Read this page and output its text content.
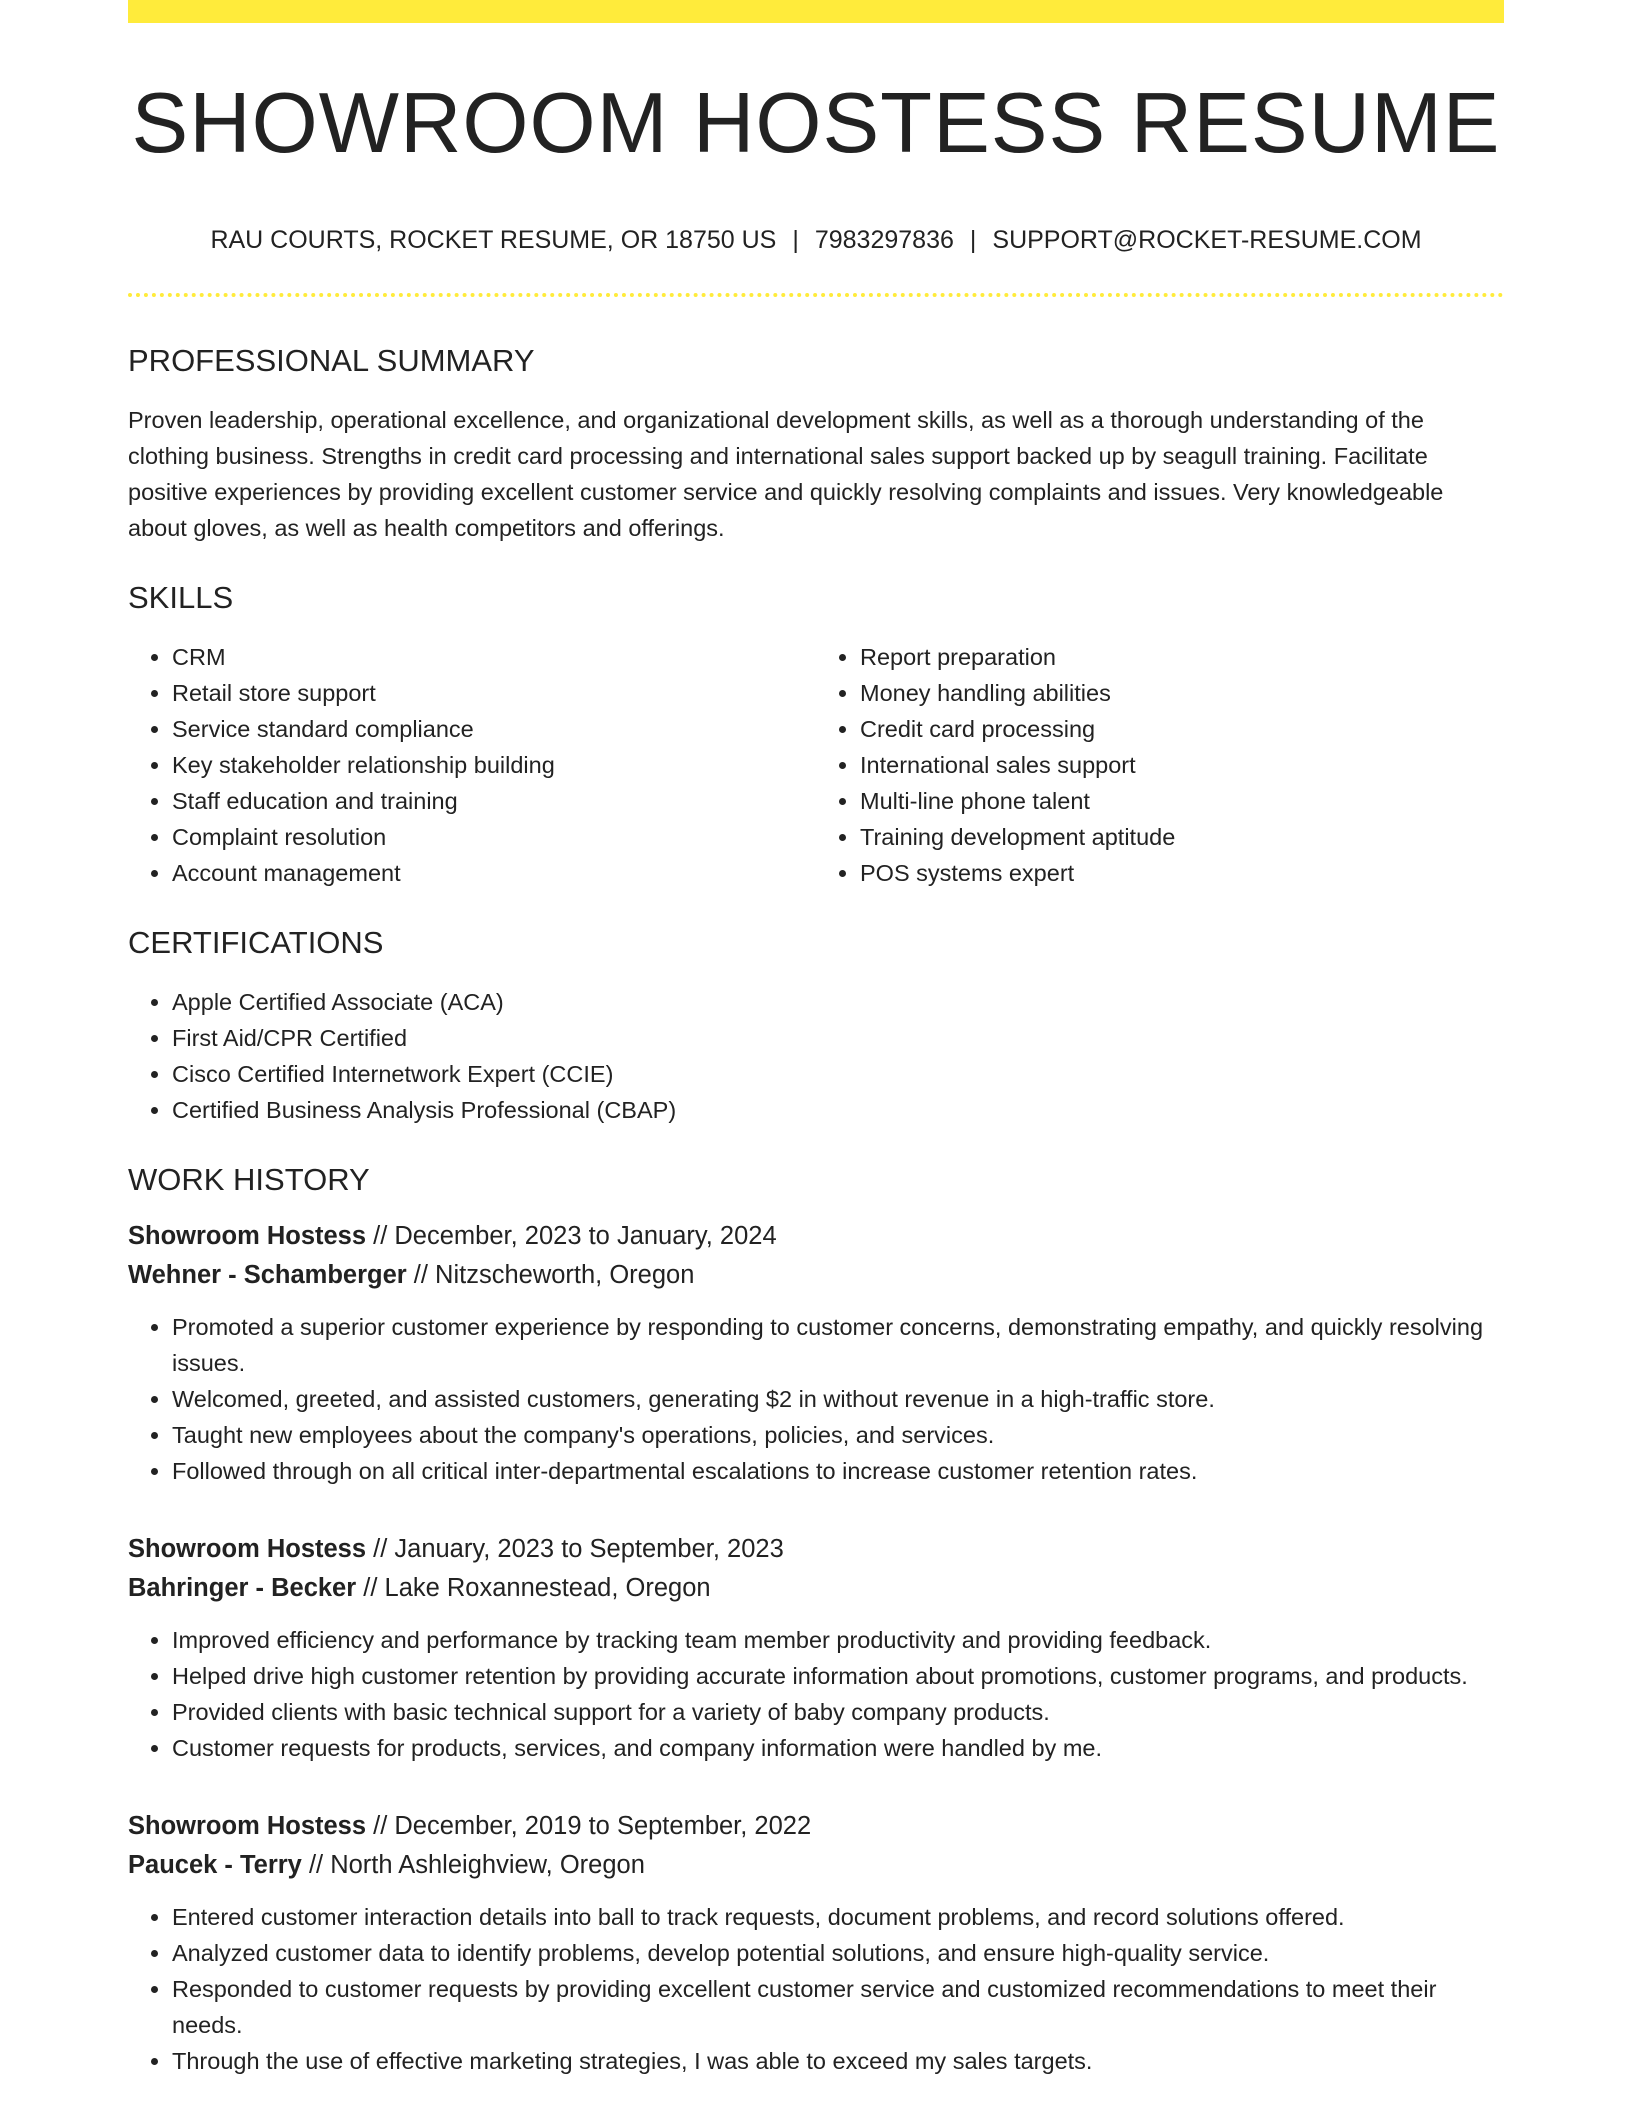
SHOWROOM HOSTESS RESUME
RAU COURTS, ROCKET RESUME, OR 18750 US | 7983297836 | SUPPORT@ROCKET-RESUME.COM
PROFESSIONAL SUMMARY
Proven leadership, operational excellence, and organizational development skills, as well as a thorough understanding of the clothing business. Strengths in credit card processing and international sales support backed up by seagull training. Facilitate positive experiences by providing excellent customer service and quickly resolving complaints and issues. Very knowledgeable about gloves, as well as health competitors and offerings.
SKILLS
• CRM
• Retail store support
• Service standard compliance
• Key stakeholder relationship building
• Staff education and training
• Complaint resolution
• Account management
• Report preparation
• Money handling abilities
• Credit card processing
• International sales support
• Multi-line phone talent
• Training development aptitude
• POS systems expert
CERTIFICATIONS
• Apple Certified Associate (ACA)
• First Aid/CPR Certified
• Cisco Certified Internetwork Expert (CCIE)
• Certified Business Analysis Professional (CBAP)
WORK HISTORY
Showroom Hostess // December, 2023 to January, 2024
Wehner - Schamberger // Nitzscheworth, Oregon
• Promoted a superior customer experience by responding to customer concerns, demonstrating empathy, and quickly resolving issues.
• Welcomed, greeted, and assisted customers, generating $2 in without revenue in a high-traffic store.
• Taught new employees about the company's operations, policies, and services.
• Followed through on all critical inter-departmental escalations to increase customer retention rates.
Showroom Hostess // January, 2023 to September, 2023
Bahringer - Becker // Lake Roxannestead, Oregon
• Improved efficiency and performance by tracking team member productivity and providing feedback.
• Helped drive high customer retention by providing accurate information about promotions, customer programs, and products.
• Provided clients with basic technical support for a variety of baby company products.
• Customer requests for products, services, and company information were handled by me.
Showroom Hostess // December, 2019 to September, 2022
Paucek - Terry // North Ashleighview, Oregon
• Entered customer interaction details into ball to track requests, document problems, and record solutions offered.
• Analyzed customer data to identify problems, develop potential solutions, and ensure high-quality service.
• Responded to customer requests by providing excellent customer service and customized recommendations to meet their needs.
• Through the use of effective marketing strategies, I was able to exceed my sales targets.
